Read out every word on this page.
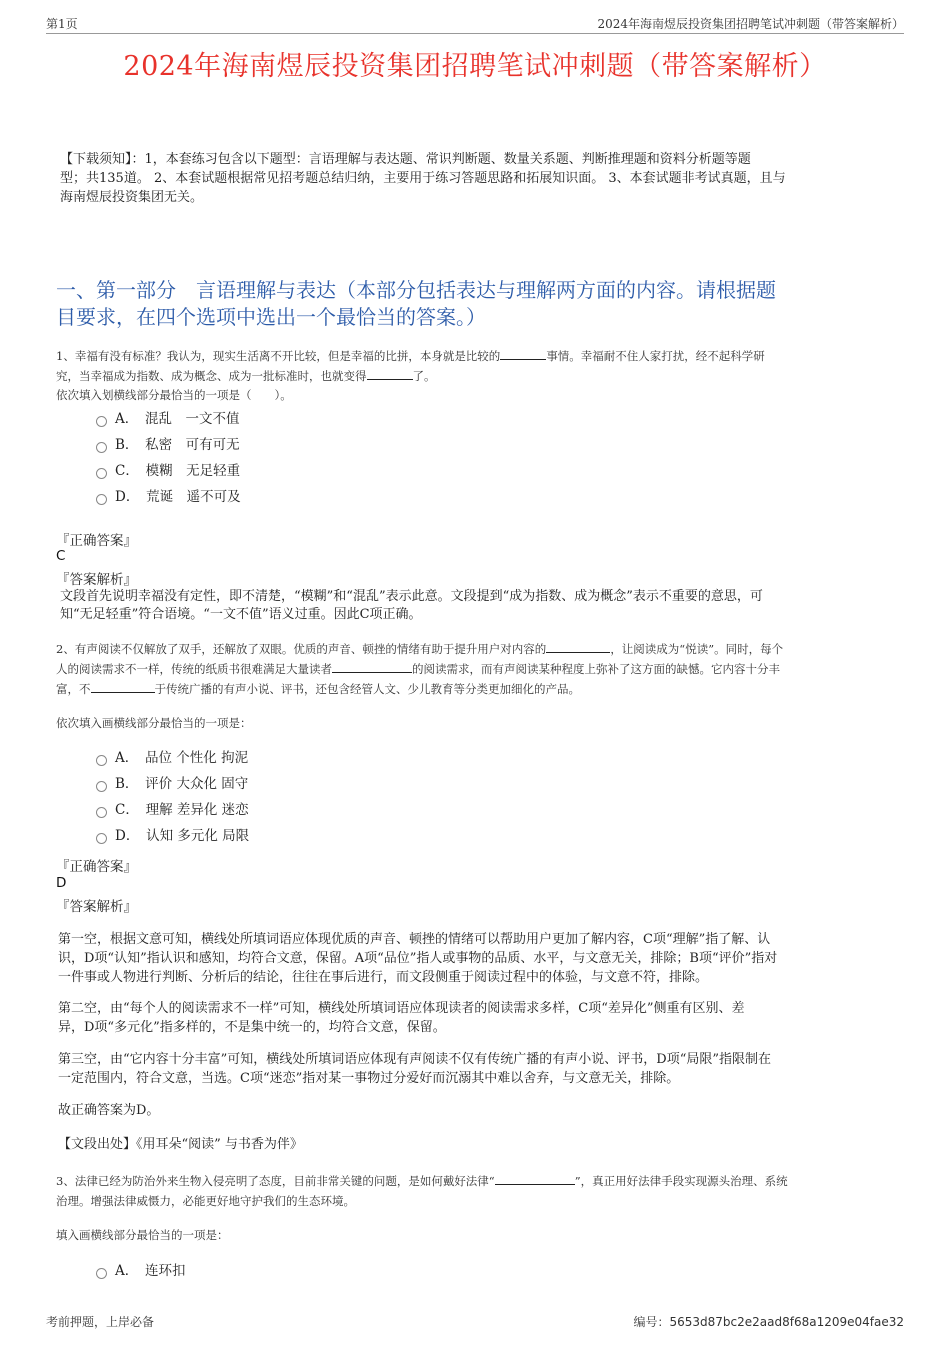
第1页	2024年海南煜辰投资集团招聘笔试冲刺题（带答案解析）
2024年海南煜辰投资集团招聘笔试冲刺题（带答案解析）
【下载须知】：1，本套练习包含以下题型：言语理解与表达题、常识判断题、数量关系题、判断推理题和资料分析题等题
型；共135道。 2、本套试题根据常见招考题总结归纳，主要用于练习答题思路和拓展知识面。 3、本套试题非考试真题，且与
海南煜辰投资集团无关。
一、第一部分　言语理解与表达（本部分包括表达与理解两方面的内容。请根据题
目要求，在四个选项中选出一个最恰当的答案。）
1、幸福有没有标准？我认为，现实生活离不开比较，但是幸福的比拼，本身就是比较的	事情。幸福耐不住人家打扰，经不起科学研
究，当幸福成为指数、成为概念、成为一批标准时，也就变得	了。
依次填入划横线部分最恰当的一项是（　　）。
A．　 混乱　一文不值
B．　 私密　可有可无
C．　 模糊　无足轻重
D．　 荒诞　遥不可及
『正确答案』
C
『答案解析』
文段首先说明幸福没有定性，即不清楚，“模糊”和“混乱”表示此意。文段提到“成为指数、成为概念”表示不重要的意思，可
知“无足轻重”符合语境。“一文不值”语义过重。因此C项正确。
2、有声阅读不仅解放了双手，还解放了双眼。优质的声音、顿挫的情绪有助于提升用户对内容的	，让阅读成为“悦读”。同时，每个
人的阅读需求不一样，传统的纸质书很难满足大量读者	的阅读需求，而有声阅读某种程度上弥补了这方面的缺憾。它内容十分丰
富，不	于传统广播的有声小说、评书，还包含经管人文、少儿教育等分类更加细化的产品。
依次填入画横线部分最恰当的一项是：
A．　 品位 个性化 拘泥
B．　 评价 大众化 固守
C．　 理解 差异化 迷恋
D．　 认知 多元化 局限
『正确答案』
D
『答案解析』
第一空，根据文意可知，横线处所填词语应体现优质的声音、顿挫的情绪可以帮助用户更加了解内容，C项“理解”指了解、认
识，D项“认知”指认识和感知，均符合文意，保留。A项“品位”指人或事物的品质、水平，与文意无关，排除；B项“评价”指对
一件事或人物进行判断、分析后的结论，往往在事后进行，而文段侧重于阅读过程中的体验，与文意不符，排除。
第二空，由“每个人的阅读需求不一样”可知，横线处所填词语应体现读者的阅读需求多样，C项“差异化”侧重有区别、差
异，D项“多元化”指多样的，不是集中统一的，均符合文意，保留。
第三空，由“它内容十分丰富”可知，横线处所填词语应体现有声阅读不仅有传统广播的有声小说、评书，D项“局限”指限制在
一定范围内，符合文意，当选。C项“迷恋”指对某一事物过分爱好而沉溺其中难以舍弃，与文意无关，排除。
故正确答案为D。
【文段出处】《用耳朵“阅读” 与书香为伴》
3、法律已经为防治外来生物入侵亮明了态度，目前非常关键的问题，是如何戴好法律“	”，真正用好法律手段实现源头治理、系统
治理。增强法律威慑力，必能更好地守护我们的生态环境。
填入画横线部分最恰当的一项是：
A．　 连环扣
考前押题，上岸必备	编号：5653d87bc2e2aad8f68a1209e04fae32
